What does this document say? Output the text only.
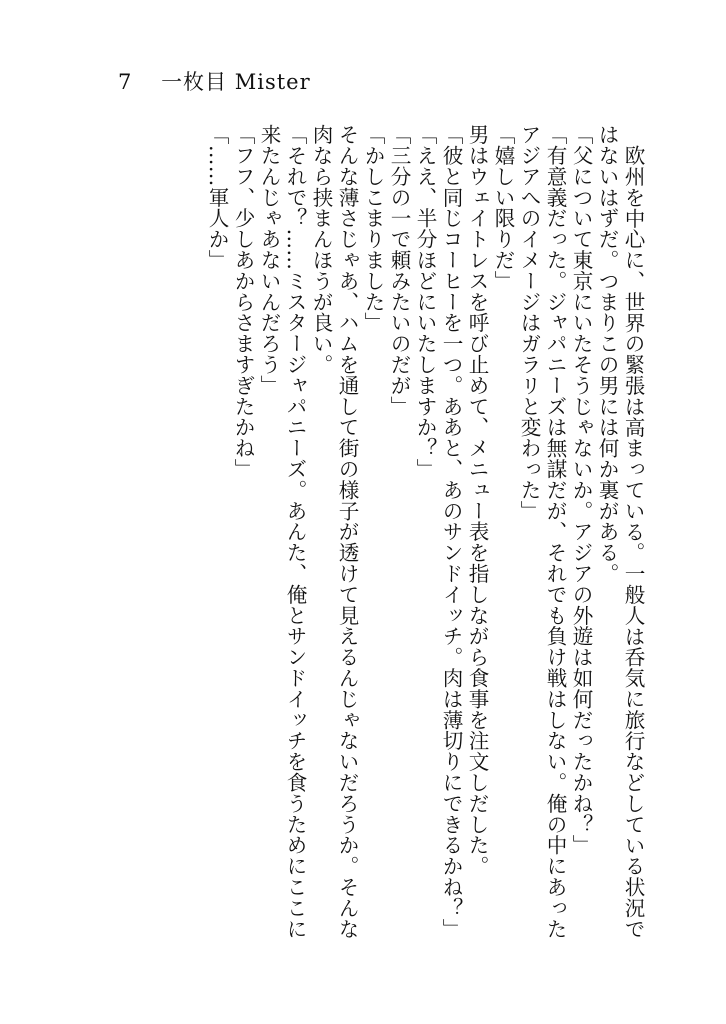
7 一枚目 Mister

欧州を中心に、世界の緊張は高まっている。一般人は呑気に旅行などしている状況ではないはずだ。つまりこの男には何か裏がある。

「父について東京にいたそうじゃないか。アジアの外遊は如何だったかね？」

「有意義だった。ジャパニーズは無謀だが、それでも負け戦はしない。俺の中にあったアジアへのイメージはガラリと変わった」

「嬉しい限りだ」

男はウェイトレスを呼び止めて、メニュー表を指しながら食事を注文しだした。

「彼と同じコーヒーを一つ。ああと、あのサンドイッチ。肉は薄切りにできるかね？」

「ええ、半分ほどにいたしますか？」

「三分の一で頼みたいのだが」

「かしこまりました」

そんな薄さじゃあ、ハムを通して街の様子が透けて見えるんじゃないだろうか。そんな肉なら挟まんほうが良い。

「それで？……ミスタージャパニーズ。あんた、俺とサンドイッチを食うためにここに来たんじゃあないんだろう」

「フフ、少しあからさますぎたかね」

「……軍人か」
